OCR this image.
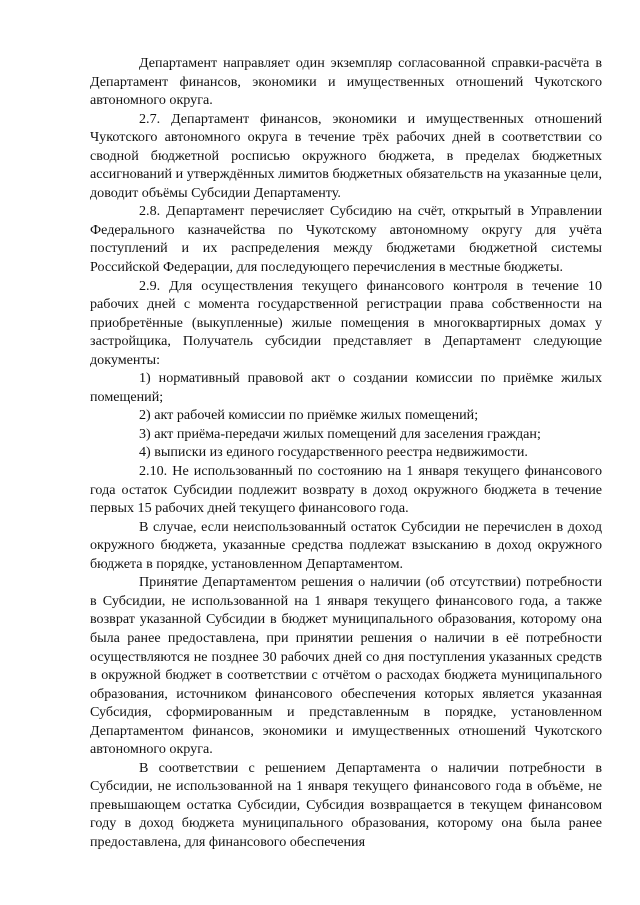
Департамент направляет один экземпляр согласованной справки-расчёта в Департамент финансов, экономики и имущественных отношений Чукотского автономного округа.

2.7. Департамент финансов, экономики и имущественных отношений Чукотского автономного округа в течение трёх рабочих дней в соответствии со сводной бюджетной росписью окружного бюджета, в пределах бюджетных ассигнований и утверждённых лимитов бюджетных обязательств на указанные цели, доводит объёмы Субсидии Департаменту.

2.8. Департамент перечисляет Субсидию на счёт, открытый в Управлении Федерального казначейства по Чукотскому автономному округу для учёта поступлений и их распределения между бюджетами бюджетной системы Российской Федерации, для последующего перечисления в местные бюджеты.

2.9. Для осуществления текущего финансового контроля в течение 10 рабочих дней с момента государственной регистрации права собственности на приобретённые (выкупленные) жилые помещения в многоквартирных домах у застройщика, Получатель субсидии представляет в Департамент следующие документы:

1) нормативный правовой акт о создании комиссии по приёмке жилых помещений;

2) акт рабочей комиссии по приёмке жилых помещений;

3) акт приёма-передачи жилых помещений для заселения граждан;

4) выписки из единого государственного реестра недвижимости.

2.10. Не использованный по состоянию на 1 января текущего финансового года остаток Субсидии подлежит возврату в доход окружного бюджета в течение первых 15 рабочих дней текущего финансового года.

В случае, если неиспользованный остаток Субсидии не перечислен в доход окружного бюджета, указанные средства подлежат взысканию в доход окружного бюджета в порядке, установленном Департаментом.

Принятие Департаментом решения о наличии (об отсутствии) потребности в Субсидии, не использованной на 1 января текущего финансового года, а также возврат указанной Субсидии в бюджет муниципального образования, которому она была ранее предоставлена, при принятии решения о наличии в её потребности осуществляются не позднее 30 рабочих дней со дня поступления указанных средств в окружной бюджет в соответствии с отчётом о расходах бюджета муниципального образования, источником финансового обеспечения которых является указанная Субсидия, сформированным и представленным в порядке, установленном Департаментом финансов, экономики и имущественных отношений Чукотского автономного округа.

В соответствии с решением Департамента о наличии потребности в Субсидии, не использованной на 1 января текущего финансового года в объёме, не превышающем остатка Субсидии, Субсидия возвращается в текущем финансовом году в доход бюджета муниципального образования, которому она была ранее предоставлена, для финансового обеспечения
